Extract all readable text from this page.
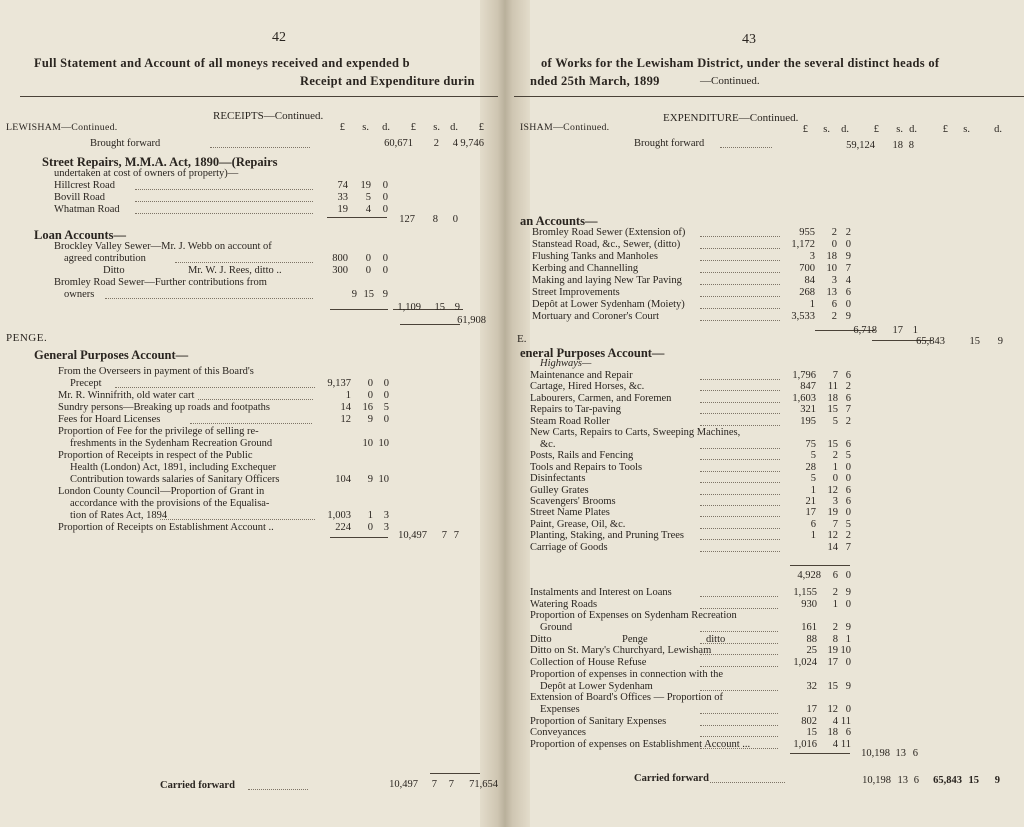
42
Full Statement and Account of all moneys received and expended b
Receipt and Expenditure durin
RECEIPTS—Continued.
LEWISHAM—Continued.	£ s. d. £ s. d. £
Brought forward	60,671 2 4 9,746
Street Repairs, M.M.A. Act, 1890—(Repairs
undertaken at cost of owners of property)—
Hillcrest Road	74 19 0
Bovill Road	33 5 0
Whatman Road	19 4 0
127 8 0
Loan Accounts—
Brockley Valley Sewer—Mr. J. Webb on account of
agreed contribution	800 0 0
Ditto	Mr. W. J. Rees, ditto ..	300 0 0
Bromley Road Sewer—Further contributions from
owners	9 15 9
1,109 15 9
61,908
PENGE.
General Purposes Account—
From the Overseers in payment of this Board's
Precept	9,137 0 0
Mr. R. Winnifrith, old water cart	1 0 0
Sundry persons—Breaking up roads and footpaths	14 16 5
Fees for Hoard Licenses	12 9 0
Proportion of Fee for the privilege of selling re-
freshments in the Sydenham Recreation Ground	10 10
Proportion of Receipts in respect of the Public
Health (London) Act, 1891, including Exchequer
Contribution towards salaries of Sanitary Officers	104 9 10
London County Council—Proportion of Grant in
accordance with the provisions of the Equalisa-
tion of Rates Act, 1894	1,003 1 3
Proportion of Receipts on Establishment Account ..	224 0 3
10,497 7 7
Carried forward	10,497 7 7 71,654
43
of Works for the Lewisham District, under the several distinct heads of
nded 25th March, 1899	—Continued.
EXPENDITURE—Continued.
ISHAM—Continued.	£ s. d. £ s. d. £ s. d.
Brought forward	59,124 18 8
an Accounts—
Bromley Road Sewer (Extension of)	955 2 2
Stanstead Road, &c., Sewer, (ditto)	1,172 0 0
Flushing Tanks and Manholes	3 18 9
Kerbing and Channelling	700 10 7
Making and laying New Tar Paving	84 3 4
Street Improvements	268 13 6
Depôt at Lower Sydenham (Moiety)	1 6 0
Mortuary and Coroner's Court	3,533 2 9
6,718 17 1
65,843 15 9
E.
eneral Purposes Account—
Highways—
Maintenance and Repair	1,796 7 6
Cartage, Hired Horses, &c.	847 11 2
Labourers, Carmen, and Foremen	1,603 18 6
Repairs to Tar-paving	321 15 7
Steam Road Roller	195 5 2
New Carts, Repairs to Carts, Sweeping Machines,
&c.	75 15 6
Posts, Rails and Fencing	5 2 5
Tools and Repairs to Tools	28 1 0
Disinfectants	5 0 0
Gulley Grates	1 12 6
Scavengers' Brooms	21 3 6
Street Name Plates	17 19 0
Paint, Grease, Oil, &c.	6 7 5
Planting, Staking, and Pruning Trees	1 12 2
Carriage of Goods	14 7
4,928 6 0
Instalments and Interest on Loans	1,155 2 9
Watering Roads	930 1 0
Proportion of Expenses on Sydenham Recreation
Ground	161 2 9
Ditto	Penge	ditto	88 8 1
Ditto on St. Mary's Churchyard, Lewisham	25 19 10
Collection of House Refuse	1,024 17 0
Proportion of expenses in connection with the
Depôt at Lower Sydenham	32 15 9
Extension of Board's Offices — Proportion of
Expenses	17 12 0
Proportion of Sanitary Expenses	802 4 11
Conveyances	15 18 6
Proportion of expenses on Establishment Account ...	1,016 4 11
10,198 13 6
Carried forward	10,198 13 6 65,843 15 9
